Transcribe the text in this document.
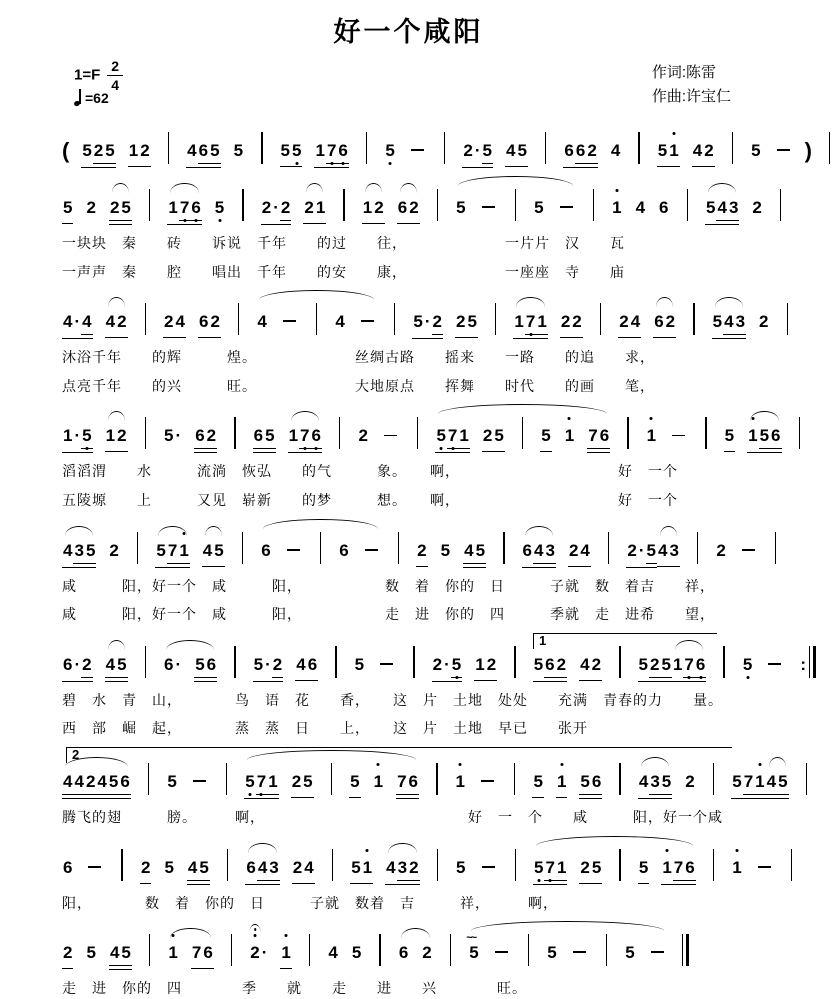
好一个咸阳
$1=F \frac{2}{4}$
=62
作词:陈雷
作曲:许宝仁
( 5 2 5 1 2 4 6 5 5 5 5 1 7 6 5	2 · 5 4 5 6 6 2 4 5 1 4 2 5 )
5 2 2 5 1 7 6 5 2 · 2 2 1 1 2 6 2 5	5	1 4 6 5 4 3 2
一块块　秦　　砖　　诉说　千年　　的过　　往，　　　　　　　一片片　汉　　瓦
一声声　秦　　腔　　唱出　千年　　的安　　康，　　　　　　　一座座　寺　　庙
4 · 4 4 2 2 4 6 2 4	4	5 · 2 2 5 1 7 1 2 2 2 4 6 2 5 4 3 2
沐浴千年　　的辉　　　煌。　　　　　　　丝绸古路　　摇来　　一路　　的追　　求，
点亮千年　　的兴　　　旺。　　　　　　　大地原点　　挥舞　　时代　　的画　　笔，
1 · 5 1 2 5 · 6 2 6 5 1 7 6 2	5 7 1 2 5 5 1 7 6 1	5 1 5 6
滔滔渭　　水　　　流淌　恢弘　　的气　　　象。　　啊，　　　　　　　　　　　好　一个
五陵塬　　上　　　又见　崭新　　的梦　　　想。　　啊，　　　　　　　　　　　好　一个
4 3 5 2 5 7 1 4 5 6	6	2 5 4 5 6 4 3 2 4 2 · 5 4 3 2
咸　　　阳，好一个　咸　　　阳，　　　　　　数　着　你的　日　　　子就　数　着吉　　祥，
咸　　　阳，好一个　咸　　　阳，　　　　　　走　进　你的　四　　　季就　走　进希　　望，
1
6 · 2 4 5 6 · 5 6 5 · 2 4 6 5	2 · 5 1 2 5 6 2 4 2 5 2 5 1 7 6 5	:
碧　水　青　山，　　　　鸟　语　花　　香，　　这　片　土地　处处　　充满　青春的力　　量。
西　部　崛　起，　　　　蒸　蒸　日　　上，　　这　片　土地　早已　　张开
2
4 4 2 4 5 6 5	5 7 1 2 5 5 1 7 6 1	5 1 5 6 4 3 5 2 5 7 1 4 5
腾飞的翅　　　膀。　　　啊，　　　　　　　　　　　　　　好　一　个　　咸　　　阳，好一个咸
6	2 5 4 5 6 4 3 2 4 5 1 4 3 2 5	5 7 1 2 5 5 1 7 6 1
阳，　　　　数　着　你的　日　　　子就　数着　吉　　　祥，　　　啊，
2 5 4 5 1 7 6 2 · 1 4 5 6 2 5
~~
5	5
走　进　你的　四　　　　季　　就　　走　　进　　兴　　　　旺。
